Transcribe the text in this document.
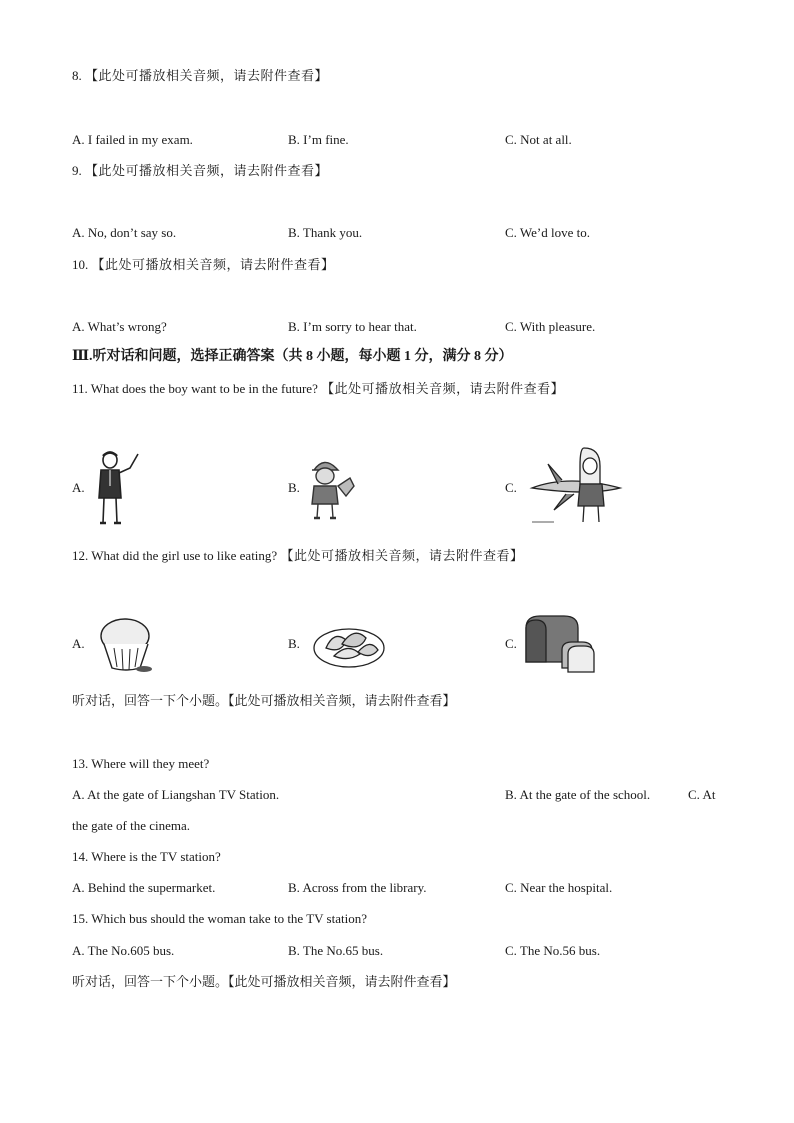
8. 【此处可播放相关音频，请去附件查看】
A. I failed in my exam.	B. I’m fine.	C. Not at all.
9. 【此处可播放相关音频，请去附件查看】
A. No, don’t say so.	B. Thank you.	C. We’d love to.
10. 【此处可播放相关音频，请去附件查看】
A. What’s wrong?	B. I’m sorry to hear that.	C. With pleasure.
Ⅲ.听对话和问题，选择正确答案（共 8 小题，每小题 1 分，满分 8 分）
11. What does the boy want to be in the future? 【此处可播放相关音频，请去附件查看】
A.	B.	C.
12. What did the girl use to like eating? 【此处可播放相关音频，请去附件查看】
A.	B.	C.
听对话，回答一下个小题。【此处可播放相关音频，请去附件查看】
13. Where will they meet?
A. At the gate of Liangshan TV Station.	B. At the gate of the school.	C. At
the gate of the cinema.
14. Where is the TV station?
A. Behind the supermarket.	B. Across from the library.	C. Near the hospital.
15. Which bus should the woman take to the TV station?
A. The No.605 bus.	B. The No.65 bus.	C. The No.56 bus.
听对话，回答一下个小题。【此处可播放相关音频，请去附件查看】
